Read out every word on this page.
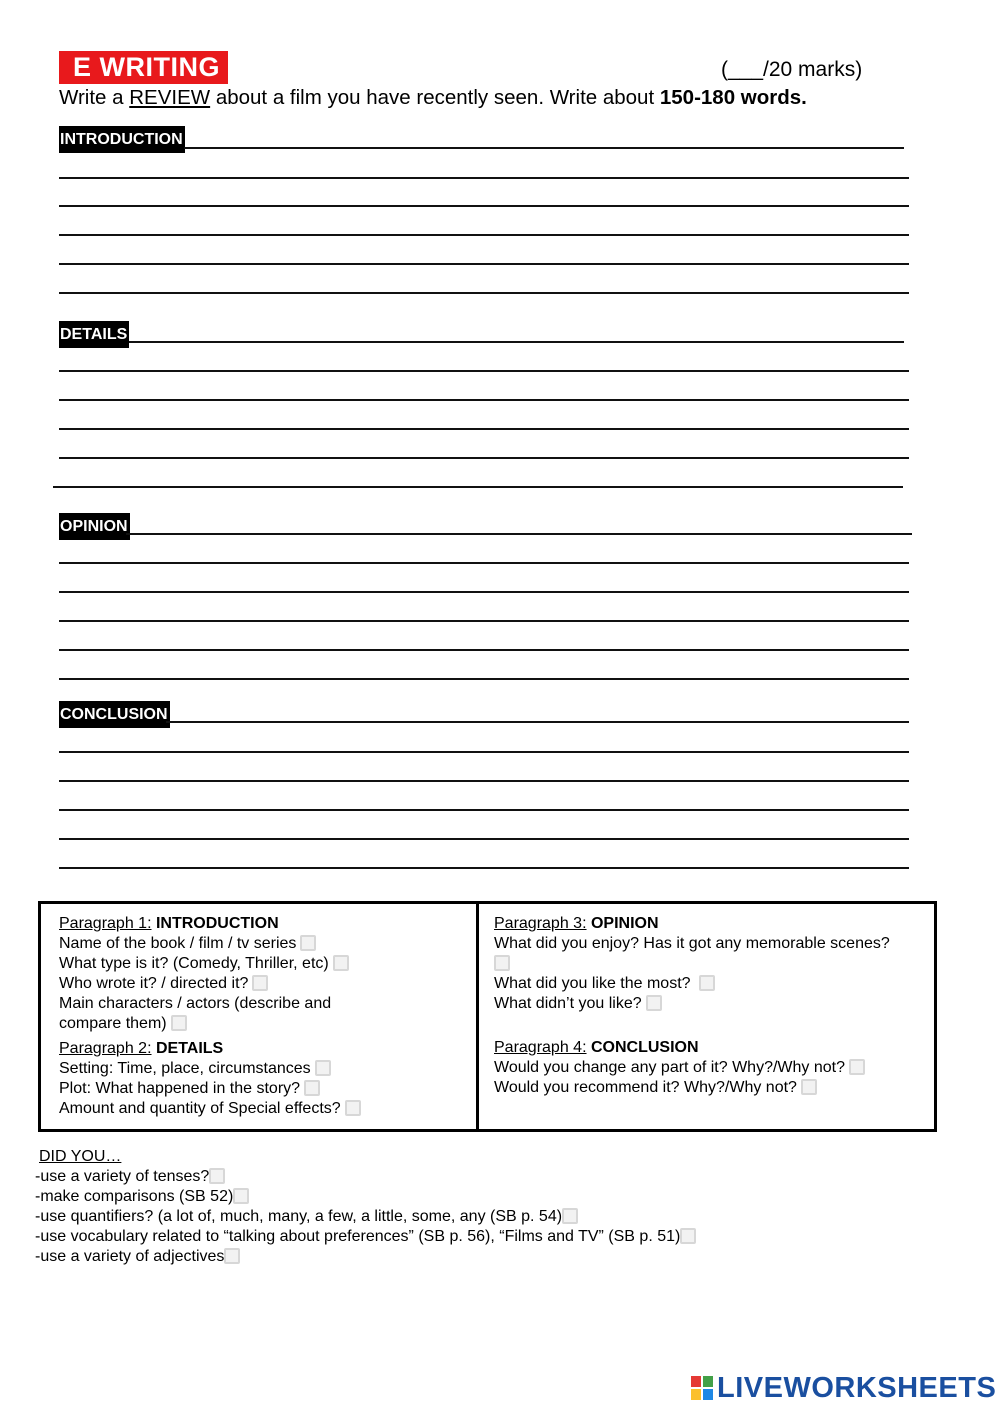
E WRITING	(___/20 marks)
Write a REVIEW about a film you have recently seen. Write about 150-180 words.
INTRODUCTION
DETAILS
OPINION
CONCLUSION
Paragraph 1: INTRODUCTION
Name of the book / film / tv series
What type is it? (Comedy, Thriller, etc)
Who wrote it? / directed it?
Main characters / actors (describe and
compare them)
Paragraph 2: DETAILS
Setting: Time, place, circumstances
Plot: What happened in the story?
Amount and quantity of Special effects?
Paragraph 3: OPINION
What did you enjoy? Has it got any memorable scenes?
What did you like the most?
What didn’t you like?
Paragraph 4: CONCLUSION
Would you change any part of it? Why?/Why not?
Would you recommend it? Why?/Why not?
DID YOU…
-use a variety of tenses?
-make comparisons (SB 52)
-use quantifiers? (a lot of, much, many, a few, a little, some, any (SB p. 54)
-use vocabulary related to “talking about preferences” (SB p. 56), “Films and TV” (SB p. 51)
-use a variety of adjectives
LIVEWORKSHEETS
